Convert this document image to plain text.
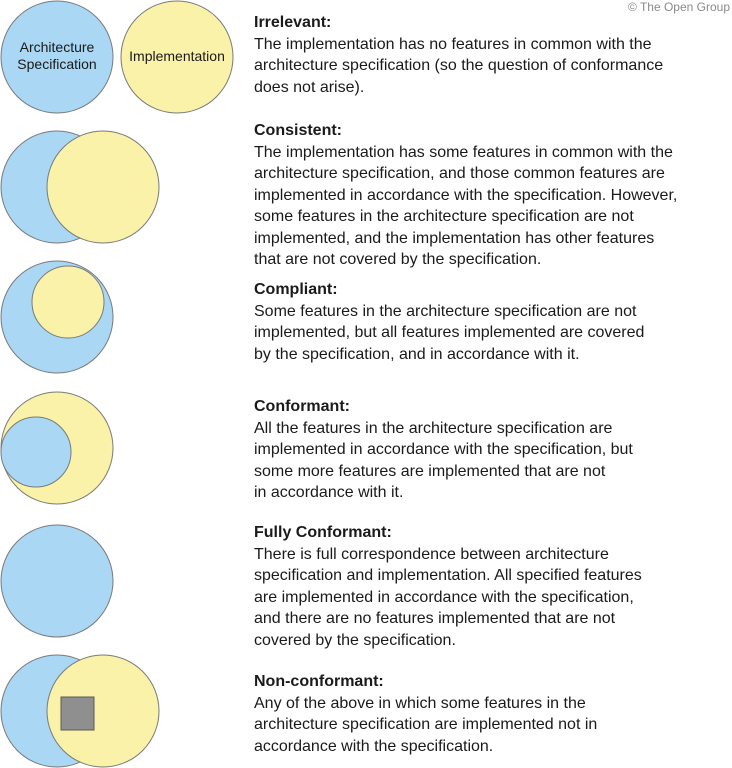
© The Open Group
Architecture
Specification Implementation
Irrelevant:
The implementation has no features in common with the
architecture specification (so the question of conformance
does not arise).
Consistent:
The implementation has some features in common with the
architecture specification, and those common features are
implemented in accordance with the specification. However,
some features in the architecture specification are not
implemented, and the implementation has other features
that are not covered by the specification.
Compliant:
Some features in the architecture specification are not
implemented, but all features implemented are covered
by the specification, and in accordance with it.
Conformant:
All the features in the architecture specification are
implemented in accordance with the specification, but
some more features are implemented that are not
in accordance with it.
Fully Conformant:
There is full correspondence between architecture
specification and implementation. All specified features
are implemented in accordance with the specification,
and there are no features implemented that are not
covered by the specification.
Non-conformant:
Any of the above in which some features in the
architecture specification are implemented not in
accordance with the specification.
